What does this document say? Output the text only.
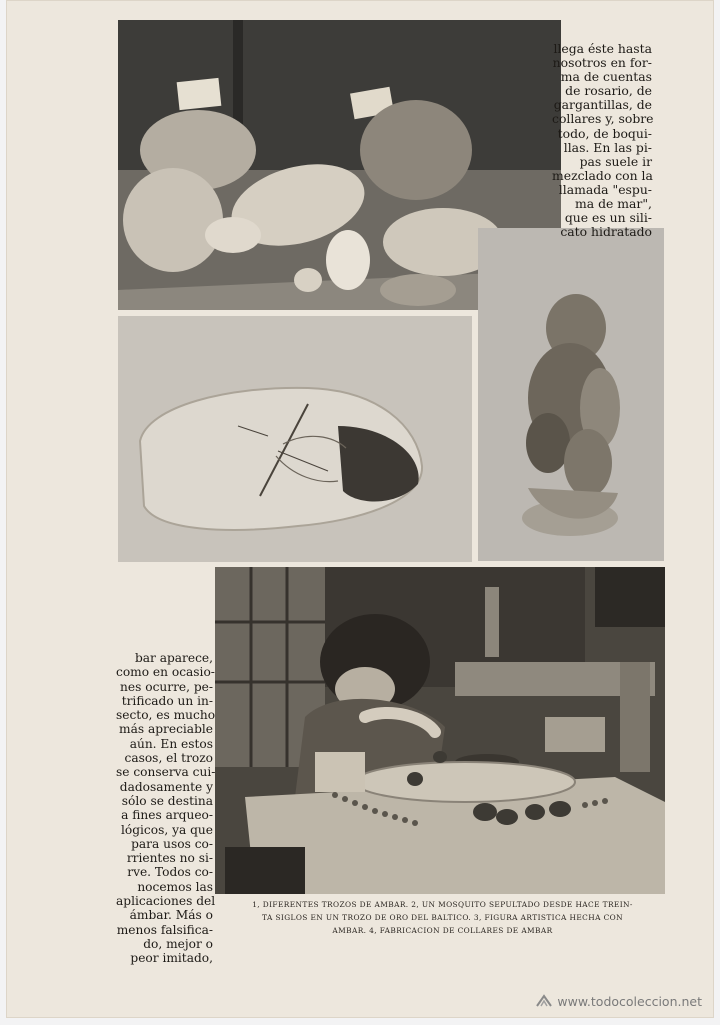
llega éste hasta
nosotros en for-
ma de cuentas
de rosario, de
gargantillas, de
collares y, sobre
todo, de boqui-
llas. En las pi-
pas suele ir
mezclado con la
llamada "espu-
ma de mar",
que es un sili-
cato hidratado
bar aparece,
como en ocasio-
nes ocurre, pe-
trificado un in-
secto, es mucho
más apreciable
aún. En estos
casos, el trozo
se conserva cui-
dadosamente y
sólo se destina
a fines arqueo-
lógicos, ya que
para usos co-
rrientes no si-
rve. Todos co-
nocemos las
aplicaciones del
ámbar. Más o
menos falsifica-
do, mejor o
peor imitado,
1, DIFERENTES TROZOS DE AMBAR. 2, UN MOSQUITO SEPULTADO DESDE HACE TREIN-
TA SIGLOS EN UN TROZO DE ORO DEL BALTICO. 3, FIGURA ARTISTICA HECHA CON
AMBAR. 4, FABRICACION DE COLLARES DE AMBAR
www.todocoleccion.net
